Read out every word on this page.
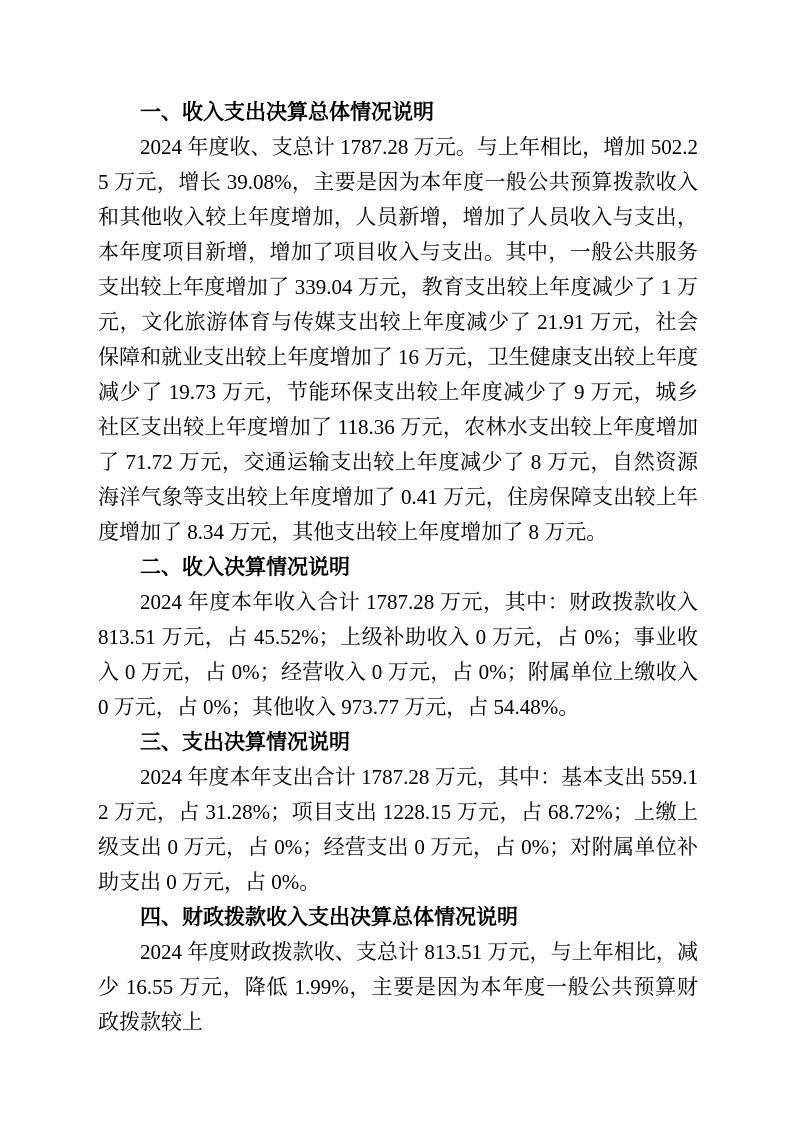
一、收入支出决算总体情况说明

2024 年度收、支总计 1787.28 万元。与上年相比，增加 502.25 万元，增长 39.08%，主要是因为本年度一般公共预算拨款收入和其他收入较上年度增加，人员新增，增加了人员收入与支出，本年度项目新增，增加了项目收入与支出。其中，一般公共服务支出较上年度增加了 339.04 万元，教育支出较上年度减少了 1 万元，文化旅游体育与传媒支出较上年度减少了 21.91 万元，社会保障和就业支出较上年度增加了 16 万元，卫生健康支出较上年度减少了 19.73 万元，节能环保支出较上年度减少了 9 万元，城乡社区支出较上年度增加了 118.36 万元，农林水支出较上年度增加了 71.72 万元，交通运输支出较上年度减少了 8 万元，自然资源海洋气象等支出较上年度增加了 0.41 万元，住房保障支出较上年度增加了 8.34 万元，其他支出较上年度增加了 8 万元。

二、收入决算情况说明

2024 年度本年收入合计 1787.28 万元，其中：财政拨款收入 813.51 万元，占 45.52%；上级补助收入 0 万元，占 0%；事业收入 0 万元，占 0%；经营收入 0 万元，占 0%；附属单位上缴收入 0 万元，占 0%；其他收入 973.77 万元，占 54.48%。

三、支出决算情况说明

2024 年度本年支出合计 1787.28 万元，其中：基本支出 559.12 万元，占 31.28%；项目支出 1228.15 万元，占 68.72%；上缴上级支出 0 万元，占 0%；经营支出 0 万元，占 0%；对附属单位补助支出 0 万元，占 0%。

四、财政拨款收入支出决算总体情况说明

2024 年度财政拨款收、支总计 813.51 万元，与上年相比，减少 16.55 万元，降低 1.99%，主要是因为本年度一般公共预算财政拨款较上
